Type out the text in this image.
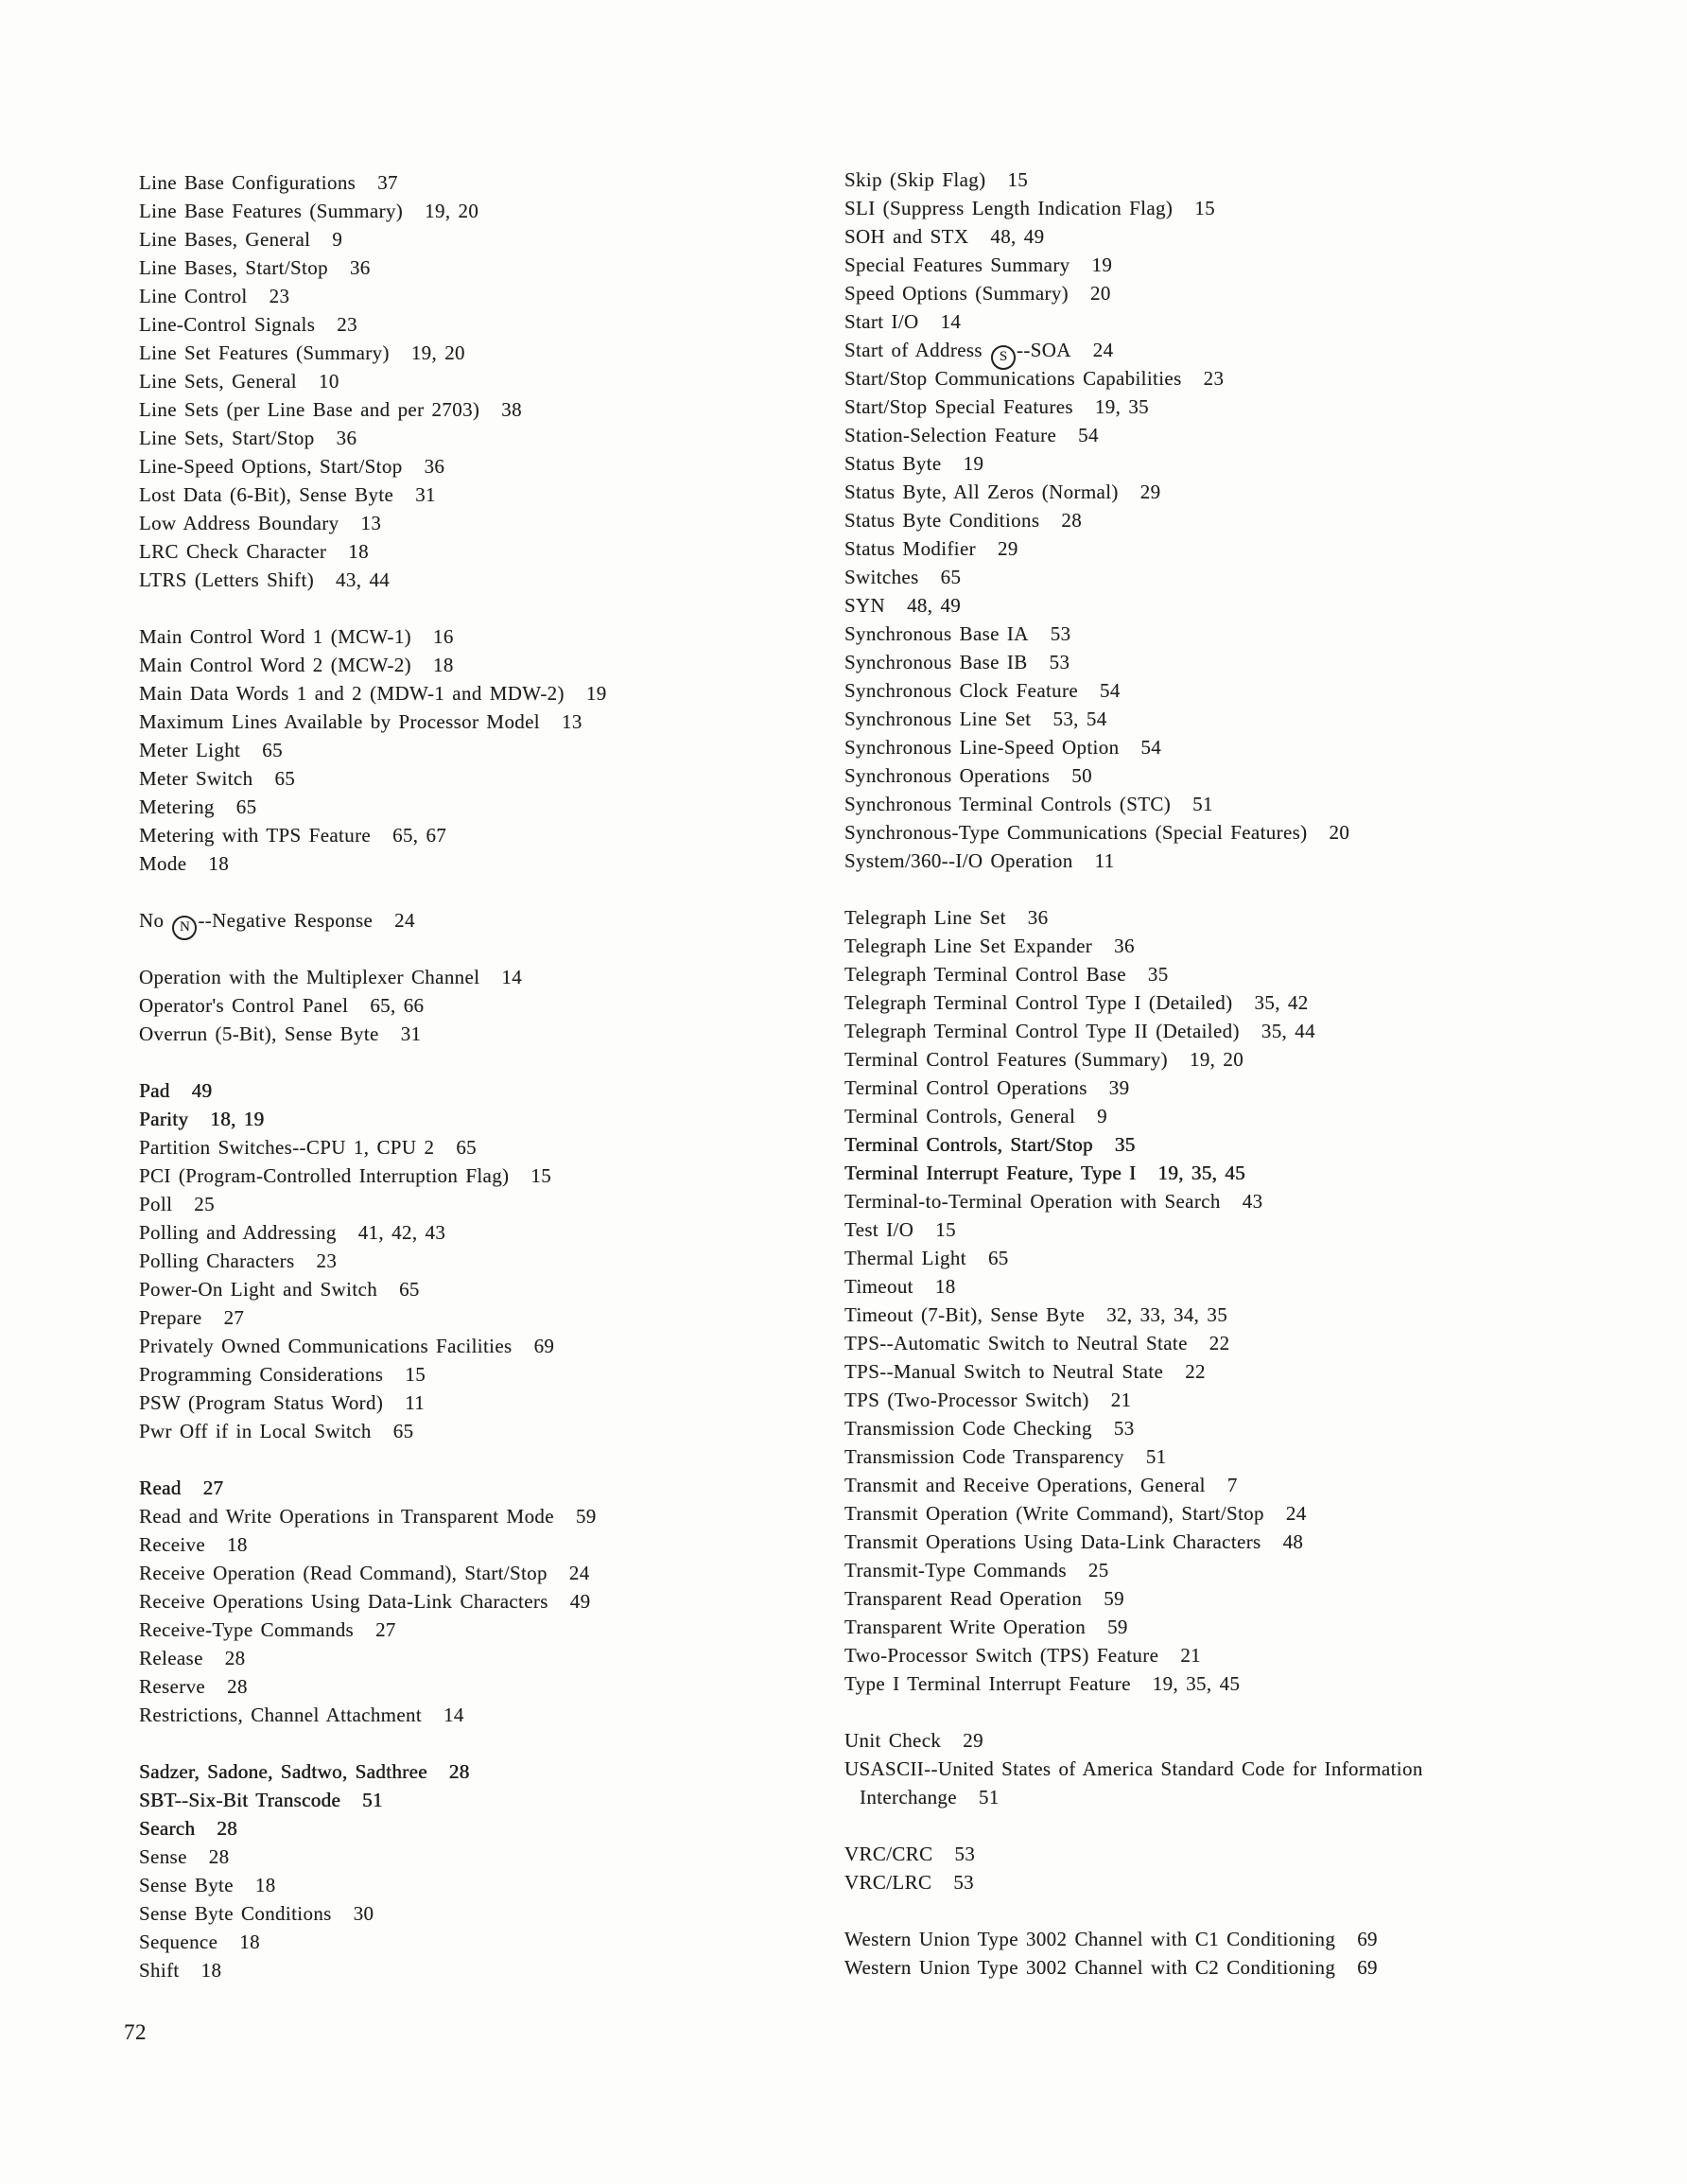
Line Base Configurations 37
Line Base Features (Summary) 19, 20
Line Bases, General 9
Line Bases, Start/Stop 36
Line Control 23
Line-Control Signals 23
Line Set Features (Summary) 19, 20
Line Sets, General 10
Line Sets (per Line Base and per 2703) 38
Line Sets, Start/Stop 36
Line-Speed Options, Start/Stop 36
Lost Data (6-Bit), Sense Byte 31
Low Address Boundary 13
LRC Check Character 18
LTRS (Letters Shift) 43, 44
Main Control Word 1 (MCW-1) 16
Main Control Word 2 (MCW-2) 18
Main Data Words 1 and 2 (MDW-1 and MDW-2) 19
Maximum Lines Available by Processor Model 13
Meter Light 65
Meter Switch 65
Metering 65
Metering with TPS Feature 65, 67
Mode 18
No N --Negative Response 24
Operation with the Multiplexer Channel 14
Operator's Control Panel 65, 66
Overrun (5-Bit), Sense Byte 31
Pad 49
Parity 18, 19
Partition Switches--CPU 1, CPU 2 65
PCI (Program-Controlled Interruption Flag) 15
Poll 25
Polling and Addressing 41, 42, 43
Polling Characters 23
Power-On Light and Switch 65
Prepare 27
Privately Owned Communications Facilities 69
Programming Considerations 15
PSW (Program Status Word) 11
Pwr Off if in Local Switch 65
Read 27
Read and Write Operations in Transparent Mode 59
Receive 18
Receive Operation (Read Command), Start/Stop 24
Receive Operations Using Data-Link Characters 49
Receive-Type Commands 27
Release 28
Reserve 28
Restrictions, Channel Attachment 14
Sadzer, Sadone, Sadtwo, Sadthree 28
SBT--Six-Bit Transcode 51
Search 28
Sense 28
Sense Byte 18
Sense Byte Conditions 30
Sequence 18
Shift 18
Skip (Skip Flag) 15
SLI (Suppress Length Indication Flag) 15
SOH and STX 48, 49
Special Features Summary 19
Speed Options (Summary) 20
Start I/O 14
Start of Address S --SOA 24
Start/Stop Communications Capabilities 23
Start/Stop Special Features 19, 35
Station-Selection Feature 54
Status Byte 19
Status Byte, All Zeros (Normal) 29
Status Byte Conditions 28
Status Modifier 29
Switches 65
SYN 48, 49
Synchronous Base IA 53
Synchronous Base IB 53
Synchronous Clock Feature 54
Synchronous Line Set 53, 54
Synchronous Line-Speed Option 54
Synchronous Operations 50
Synchronous Terminal Controls (STC) 51
Synchronous-Type Communications (Special Features) 20
System/360--I/O Operation 11
Telegraph Line Set 36
Telegraph Line Set Expander 36
Telegraph Terminal Control Base 35
Telegraph Terminal Control Type I (Detailed) 35, 42
Telegraph Terminal Control Type II (Detailed) 35, 44
Terminal Control Features (Summary) 19, 20
Terminal Control Operations 39
Terminal Controls, General 9
Terminal Controls, Start/Stop 35
Terminal Interrupt Feature, Type I 19, 35, 45
Terminal-to-Terminal Operation with Search 43
Test I/O 15
Thermal Light 65
Timeout 18
Timeout (7-Bit), Sense Byte 32, 33, 34, 35
TPS--Automatic Switch to Neutral State 22
TPS--Manual Switch to Neutral State 22
TPS (Two-Processor Switch) 21
Transmission Code Checking 53
Transmission Code Transparency 51
Transmit and Receive Operations, General 7
Transmit Operation (Write Command), Start/Stop 24
Transmit Operations Using Data-Link Characters 48
Transmit-Type Commands 25
Transparent Read Operation 59
Transparent Write Operation 59
Two-Processor Switch (TPS) Feature 21
Type I Terminal Interrupt Feature 19, 35, 45
Unit Check 29
USASCII--United States of America Standard Code for Information
Interchange 51
VRC/CRC 53
VRC/LRC 53
Western Union Type 3002 Channel with C1 Conditioning 69
Western Union Type 3002 Channel with C2 Conditioning 69
72
